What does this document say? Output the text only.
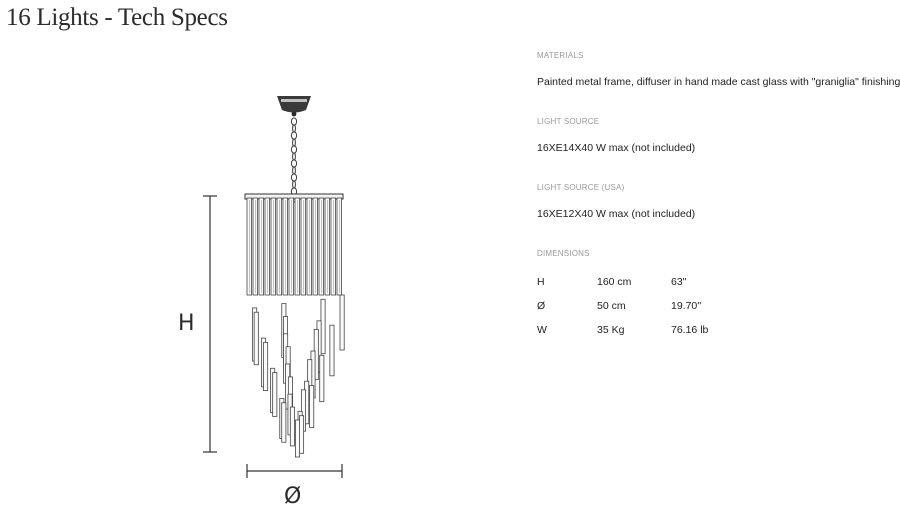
16 Lights - Tech Specs
H
Ø
MATERIALS
Painted metal frame, diffuser in hand made cast glass with "graniglia" finishing
LIGHT SOURCE
16XE14X40 W max (not included)
LIGHT SOURCE (USA)
16XE12X40 W max (not included)
DIMENSIONS
H	160 cm	63''
Ø	50 cm	19.70''
W	35 Kg	76.16 lb
